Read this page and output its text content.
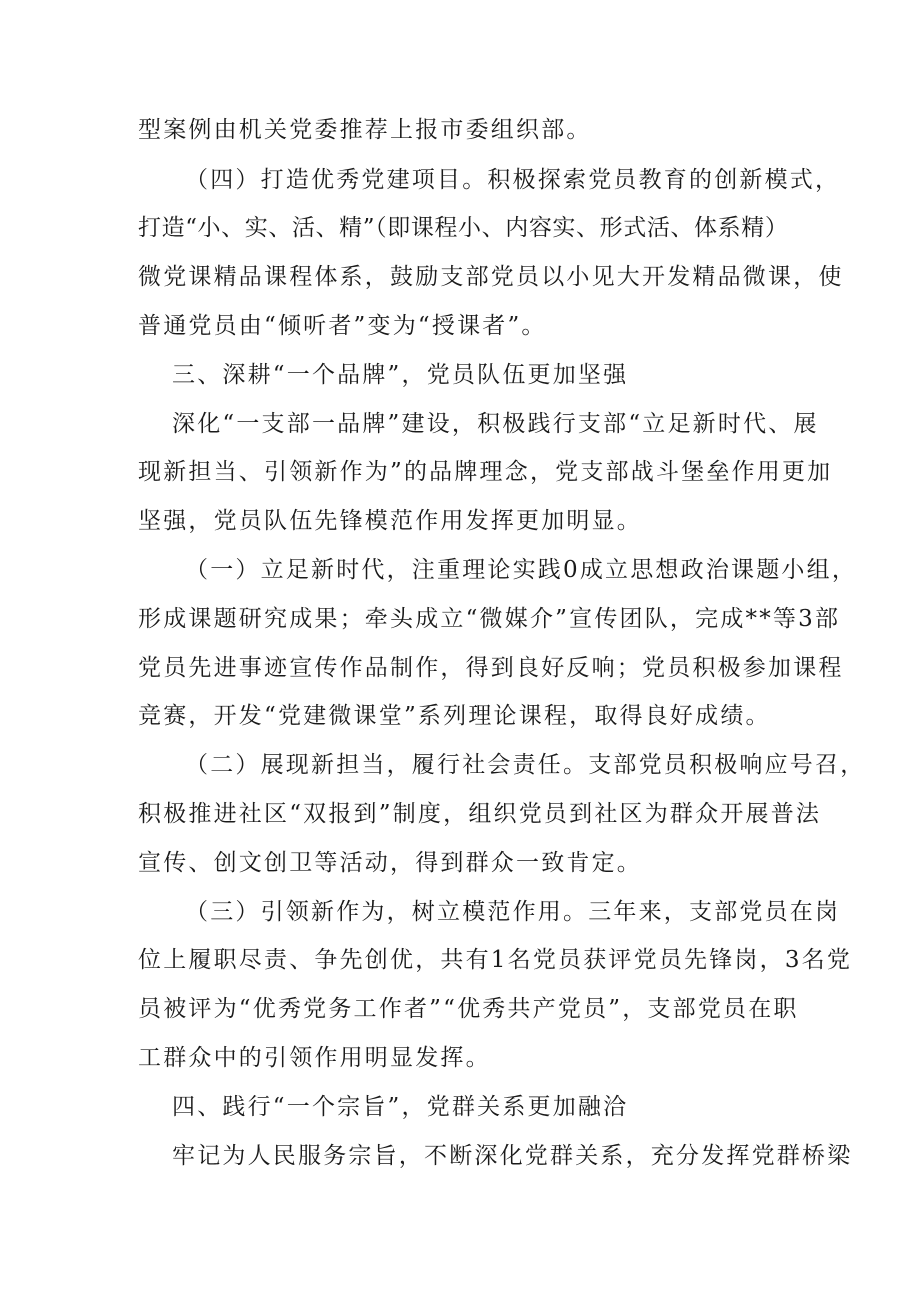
型案例由机关党委推荐上报市委组织部。
（四）打造优秀党建项目。积极探索党员教育的创新模式，
打造“小、实、活、精”（即课程小、内容实、形式活、体系精）
微党课精品课程体系，鼓励支部党员以小见大开发精品微课，使
普通党员由“倾听者”变为“授课者”。
三、深耕“一个品牌”，党员队伍更加坚强
深化“一支部一品牌”建设，积极践行支部“立足新时代、展
现新担当、引领新作为”的品牌理念，党支部战斗堡垒作用更加
坚强，党员队伍先锋模范作用发挥更加明显。
（一）立足新时代，注重理论实践0成立思想政治课题小组，
形成课题研究成果；牵头成立“微媒介”宣传团队，完成**等3部
党员先进事迹宣传作品制作，得到良好反响；党员积极参加课程
竞赛，开发“党建微课堂”系列理论课程，取得良好成绩。
（二）展现新担当，履行社会责任。支部党员积极响应号召，
积极推进社区“双报到”制度，组织党员到社区为群众开展普法
宣传、创文创卫等活动，得到群众一致肯定。
（三）引领新作为，树立模范作用。三年来，支部党员在岗
位上履职尽责、争先创优，共有1名党员获评党员先锋岗，3名党
员被评为“优秀党务工作者”“优秀共产党员”，支部党员在职
工群众中的引领作用明显发挥。
四、践行“一个宗旨”，党群关系更加融洽
牢记为人民服务宗旨，不断深化党群关系，充分发挥党群桥梁
